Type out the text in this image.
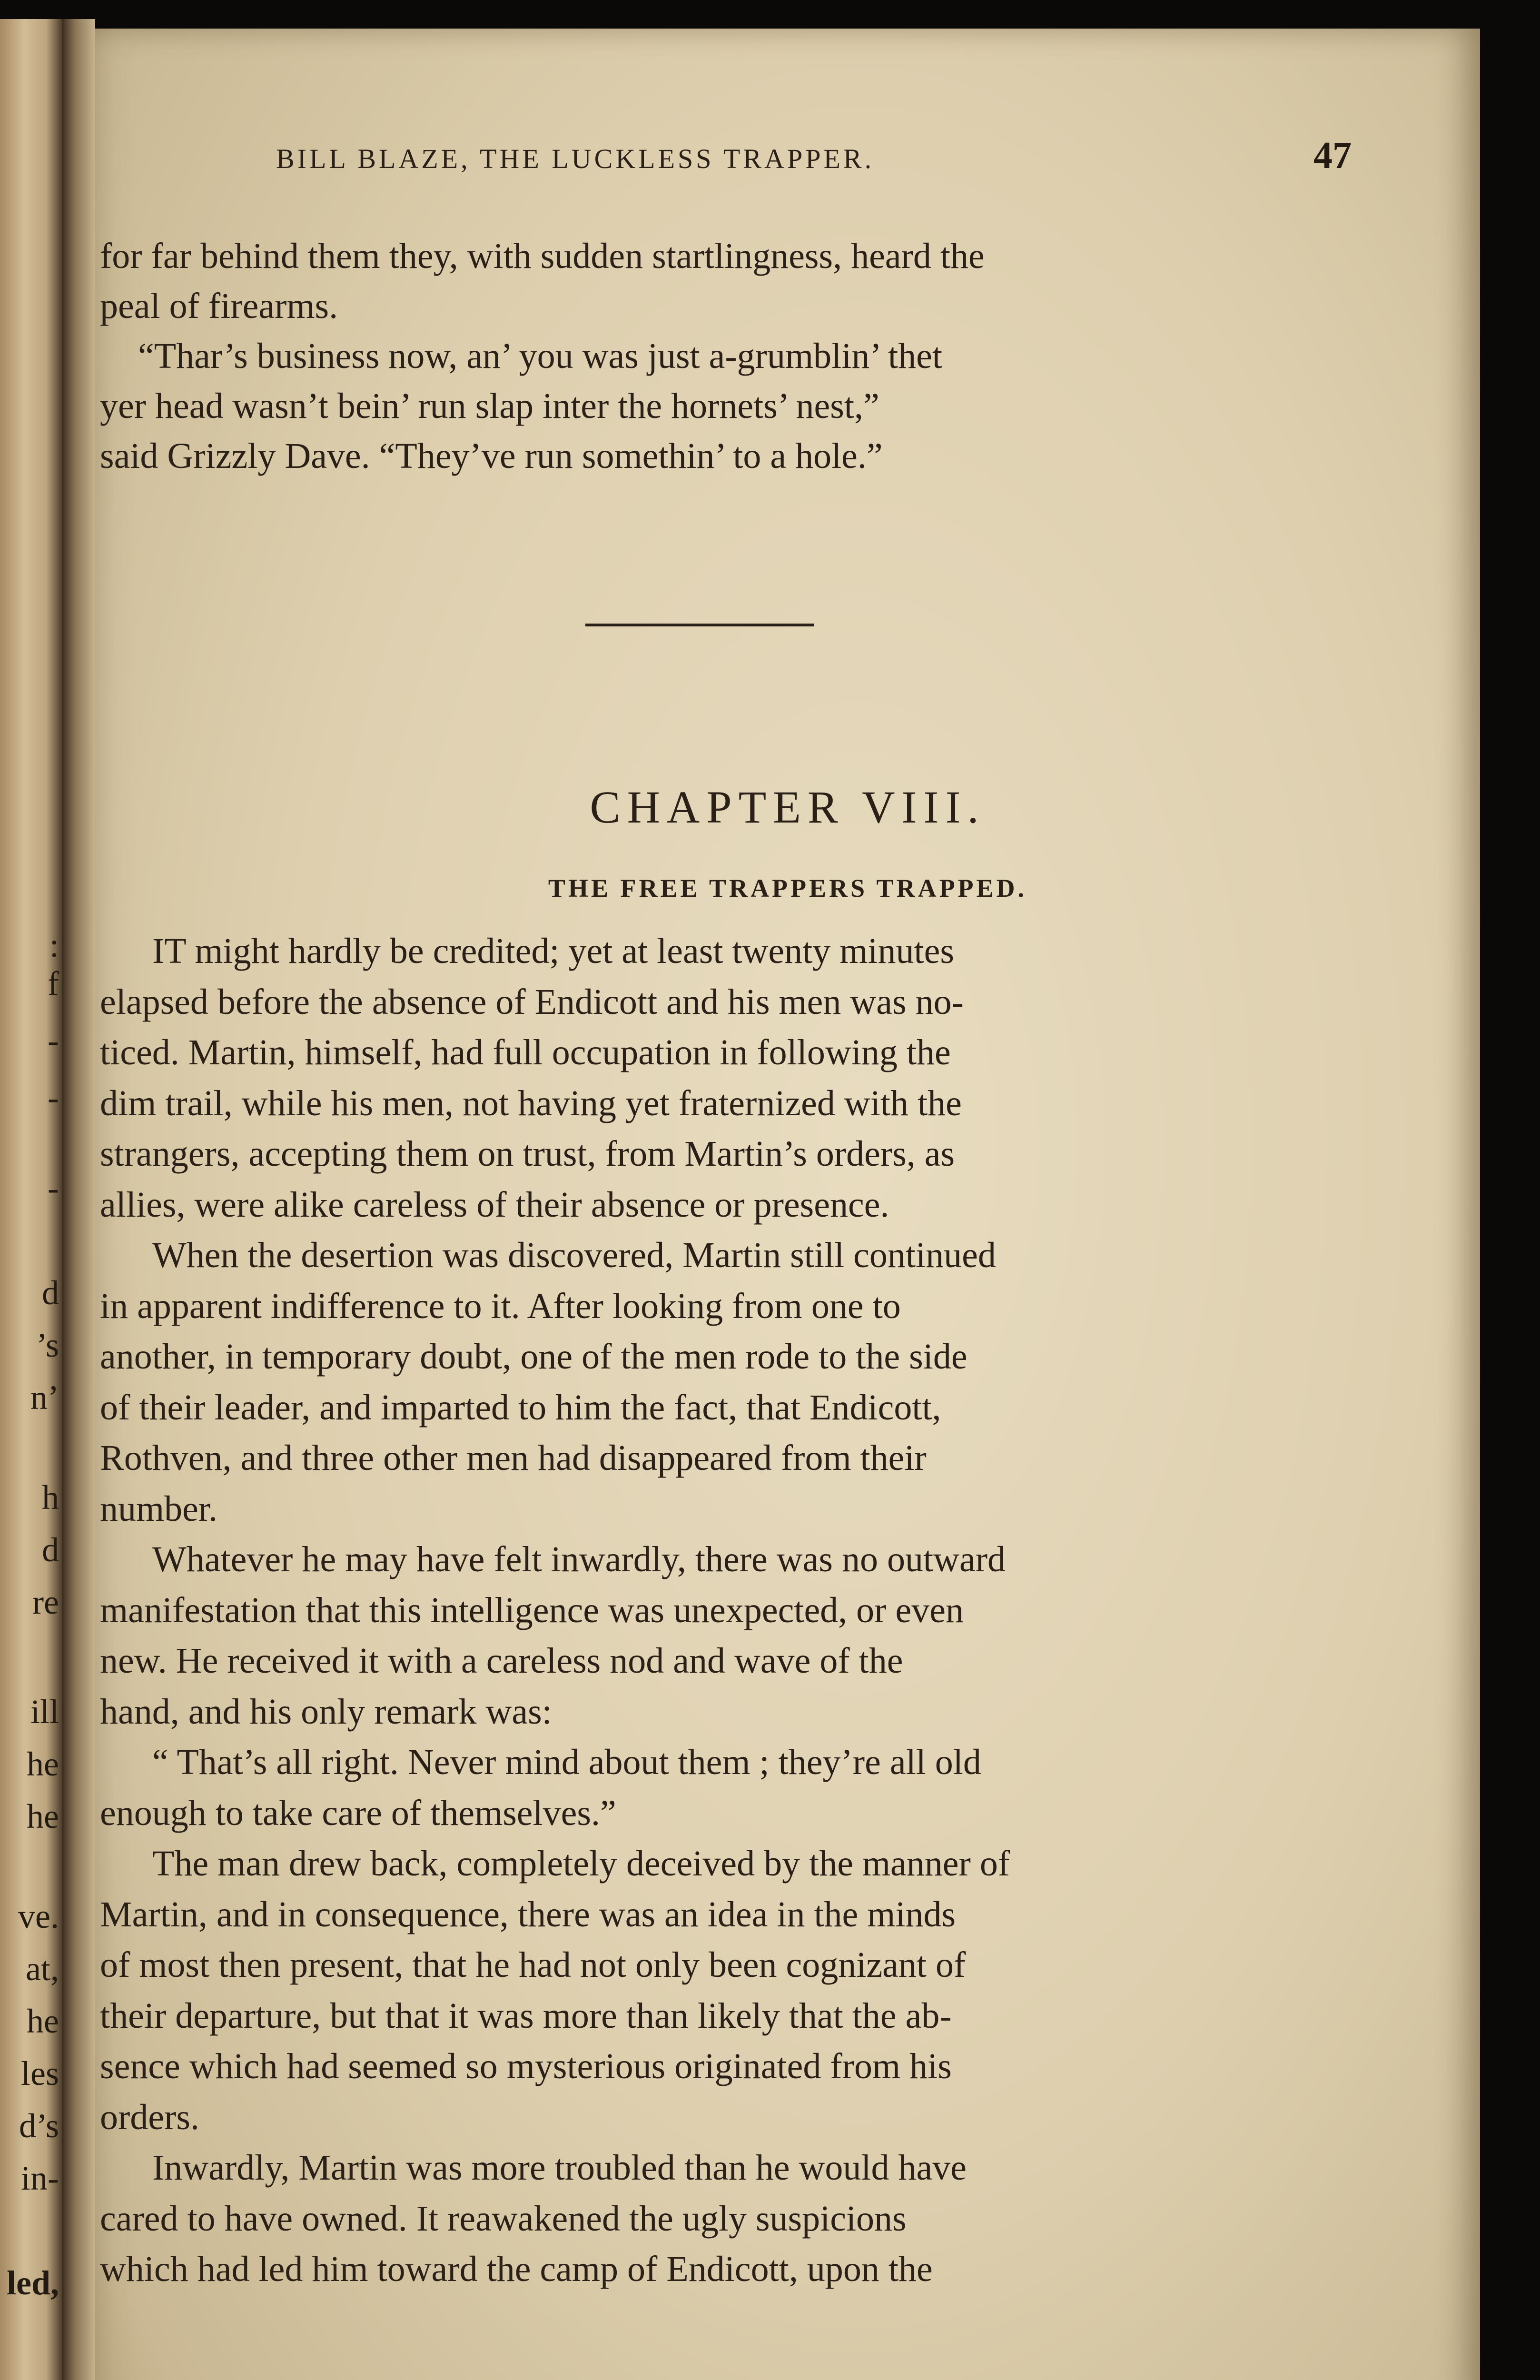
:
f
-
-
-
d
’s
n’
h
d
re
ill
he
he
ve.
at,
he
les
d’s
in-
led,
BILL BLAZE, THE LUCKLESS TRAPPER.	47
for far behind them they, with sudden startlingness, heard the
peal of firearms.
“Thar’s business now, an’ you was just a-grumblin’ thet
yer head wasn’t bein’ run slap inter the hornets’ nest,”
said Grizzly Dave. “They’ve run somethin’ to a hole.”
CHAPTER VIII.
THE FREE TRAPPERS TRAPPED.
IT might hardly be credited; yet at least twenty minutes
elapsed before the absence of Endicott and his men was no-
ticed. Martin, himself, had full occupation in following the
dim trail, while his men, not having yet fraternized with the
strangers, accepting them on trust, from Martin’s orders, as
allies, were alike careless of their absence or presence.
When the desertion was discovered, Martin still continued
in apparent indifference to it. After looking from one to
another, in temporary doubt, one of the men rode to the side
of their leader, and imparted to him the fact, that Endicott,
Rothven, and three other men had disappeared from their
number.
Whatever he may have felt inwardly, there was no outward
manifestation that this intelligence was unexpected, or even
new. He received it with a careless nod and wave of the
hand, and his only remark was:
“ That’s all right. Never mind about them ; they’re all old
enough to take care of themselves.”
The man drew back, completely deceived by the manner of
Martin, and in consequence, there was an idea in the minds
of most then present, that he had not only been cognizant of
their departure, but that it was more than likely that the ab-
sence which had seemed so mysterious originated from his
orders.
Inwardly, Martin was more troubled than he would have
cared to have owned. It reawakened the ugly suspicions
which had led him toward the camp of Endicott, upon the
